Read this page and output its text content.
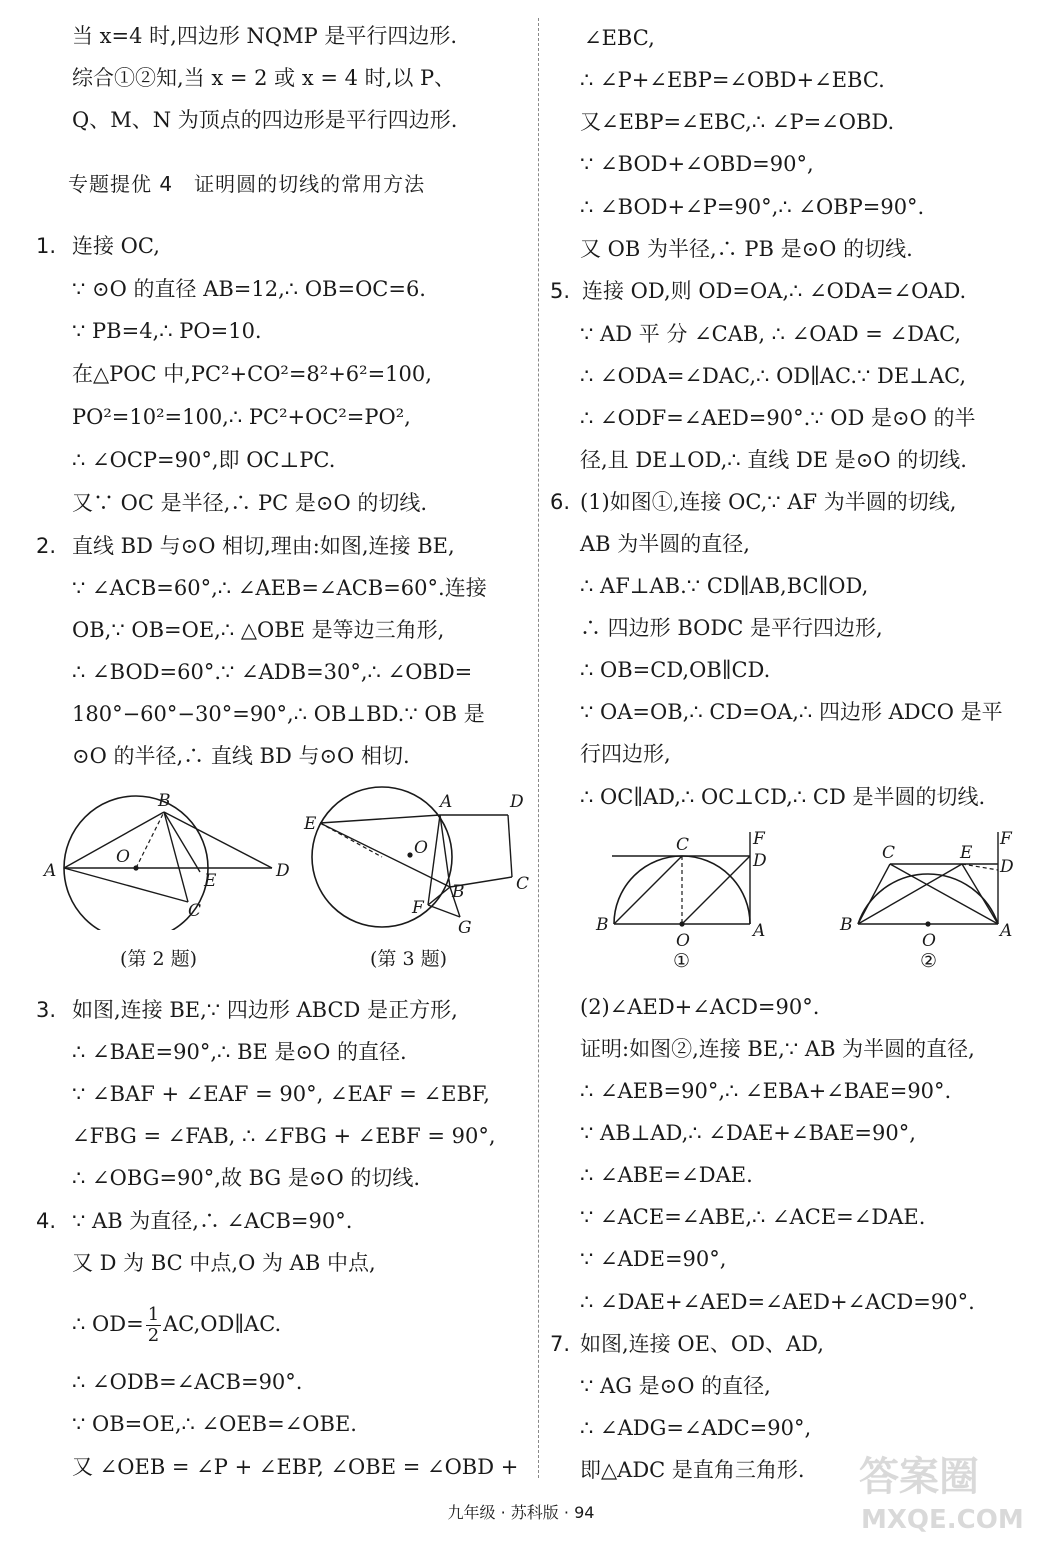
当 x=4 时,四边形 NQMP 是平行四边形.
综合①②知,当 x = 2 或 x = 4 时,以 P、
Q、M、N 为顶点的四边形是平行四边形.
专题提优 4　证明圆的切线的常用方法
1. 连接 OC,
∵ ⊙O 的直径 AB=12,∴ OB=OC=6.
∵ PB=4,∴ PO=10.
在△POC 中,PC²+CO²=8²+6²=100,
PO²=10²=100,∴ PC²+OC²=PO²,
∴ ∠OCP=90°,即 OC⊥PC.
又∵ OC 是半径,∴ PC 是⊙O 的切线.
2. 直线 BD 与⊙O 相切,理由:如图,连接 BE,
∵ ∠ACB=60°,∴ ∠AEB=∠ACB=60°.连接
OB,∵ OB=OE,∴ △OBE 是等边三角形,
∴ ∠BOD=60°.∵ ∠ADB=30°,∴ ∠OBD=
180°−60°−30°=90°,∴ OB⊥BD.∵ OB 是
⊙O 的半径,∴ 直线 BD 与⊙O 相切.
A
B
O
E
C
D
(第 2 题)
E
O
A	D
C
B
F
G
(第 3 题)
3. 如图,连接 BE,∵ 四边形 ABCD 是正方形,
∴ ∠BAE=90°,∴ BE 是⊙O 的直径.
∵ ∠BAF + ∠EAF = 90°, ∠EAF = ∠EBF,
∠FBG = ∠FAB, ∴ ∠FBG + ∠EBF = 90°,
∴ ∠OBG=90°,故 BG 是⊙O 的切线.
4. ∵ AB 为直径,∴ ∠ACB=90°.
又 D 为 BC 中点,O 为 AB 中点,
∴ $OD= \frac{1}{2}$ AC,OD∥AC.
∴ ∠ODB=∠ACB=90°.
∵ OB=OE,∴ ∠OEB=∠OBE.
又 ∠OEB = ∠P + ∠EBP, ∠OBE = ∠OBD +
∠EBC,
∴ ∠P+∠EBP=∠OBD+∠EBC.
又∠EBP=∠EBC,∴ ∠P=∠OBD.
∵ ∠BOD+∠OBD=90°,
∴ ∠BOD+∠P=90°,∴ ∠OBP=90°.
又 OB 为半径,∴ PB 是⊙O 的切线.
5. 连接 OD,则 OD=OA,∴ ∠ODA=∠OAD.
∵ AD 平 分 ∠CAB, ∴ ∠OAD = ∠DAC,
∴ ∠ODA=∠DAC,∴ OD∥AC.∵ DE⊥AC,
∴ ∠ODF=∠AED=90°.∵ OD 是⊙O 的半
径,且 DE⊥OD,∴ 直线 DE 是⊙O 的切线.
6. (1)如图①,连接 OC,∵ AF 为半圆的切线,
AB 为半圆的直径,
∴ AF⊥AB.∵ CD∥AB,BC∥OD,
∴ 四边形 BODC 是平行四边形,
∴ OB=CD,OB∥CD.
∵ OA=OB,∴ CD=OA,∴ 四边形 ADCO 是平
行四边形,
∴ OC∥AD,∴ OC⊥CD,∴ CD 是半圆的切线.
C	F
D
B	A
O
①
C	E
F
D
B	A
O
②
(2)∠AED+∠ACD=90°.
证明:如图②,连接 BE,∵ AB 为半圆的直径,
∴ ∠AEB=90°,∴ ∠EBA+∠BAE=90°.
∵ AB⊥AD,∴ ∠DAE+∠BAE=90°,
∴ ∠ABE=∠DAE.
∵ ∠ACE=∠ABE,∴ ∠ACE=∠DAE.
∵ ∠ADE=90°,
∴ ∠DAE+∠AED=∠AED+∠ACD=90°.
7. 如图,连接 OE、OD、AD,
∵ AG 是⊙O 的直径,
∴ ∠ADG=∠ADC=90°,
即△ADC 是直角三角形.
九年级 · 苏科版 · 94
答案圈
MXQE.COM
